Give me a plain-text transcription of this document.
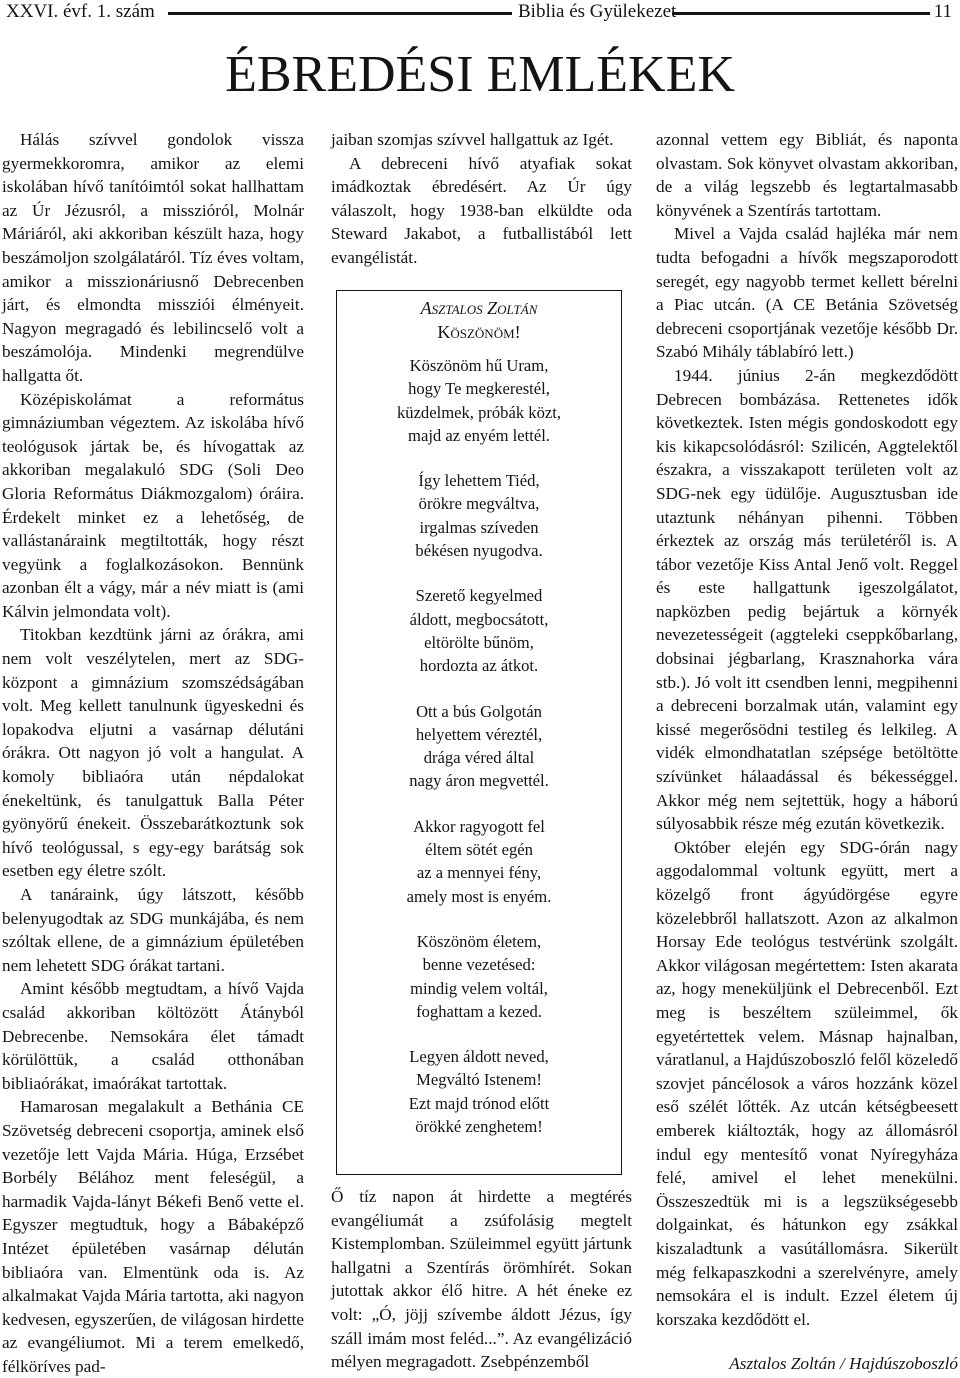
XXVI. évf. 1. szám	Biblia és Gyülekezet	11
ÉBREDÉSI EMLÉKEK

Hálás szívvel gondolok vissza gyermekkoromra, amikor az elemi iskolában hívő tanítóimtól sokat hallhattam az Úr Jézusról, a misszióról, Molnár Máriáról, aki akkoriban készült haza, hogy beszámoljon szolgálatáról. Tíz éves voltam, amikor a misszionáriusnő Debrecenben járt, és elmondta missziói élményeit. Nagyon megragadó és lebilincselő volt a beszámolója. Mindenki megrendülve hallgatta őt.

Középiskolámat a református gimnáziumban végeztem. Az iskolába hívő teológusok jártak be, és hívogattak az akkoriban megalakuló SDG (Soli Deo Gloria Református Diákmozgalom) óráira. Érdekelt minket ez a lehetőség, de vallástanáraink megtiltották, hogy részt vegyünk a foglalkozásokon. Bennünk azonban élt a vágy, már a név miatt is (ami Kálvin jelmondata volt).

Titokban kezdtünk járni az órákra, ami nem volt veszélytelen, mert az SDG-központ a gimnázium szomszédságában volt. Meg kellett tanulnunk ügyeskedni és lopakodva eljutni a vasárnap délutáni órákra. Ott nagyon jó volt a hangulat. A komoly bibliaóra után népdalokat énekeltünk, és tanulgattuk Balla Péter gyönyörű énekeit. Összebarátkoztunk sok hívő teológussal, s egy-egy barátság sok esetben egy életre szólt.

A tanáraink, úgy látszott, később belenyugodtak az SDG munkájába, és nem szóltak ellene, de a gimnázium épületében nem lehetett SDG órákat tartani.

Amint később megtudtam, a hívő Vajda család akkoriban költözött Átányból Debrecenbe. Nemsokára élet támadt körülöttük, a család otthonában bibliaórákat, imaórákat tartottak.

Hamarosan megalakult a Bethánia CE Szövetség debreceni csoportja, aminek első vezetője lett Vajda Mária. Húga, Erzsébet Borbély Bélához ment feleségül, a harmadik Vajda-lányt Békefi Benő vette el. Egyszer megtudtuk, hogy a Bábaképző Intézet épületében vasárnap délután bibliaóra van. Elmentünk oda is. Az alkalmakat Vajda Mária tartotta, aki nagyon kedvesen, egyszerűen, de világosan hirdette az evangéliumot. Mi a terem emelkedő, félköríves pad-

jaiban szomjas szívvel hallgattuk az Igét.

A debreceni hívő atyafiak sokat imádkoztak ébredésért. Az Úr úgy válaszolt, hogy 1938-ban elküldte oda Steward Jakabot, a futballistából lett evangélistát.

Asztalos Zoltán
Köszönöm!
Köszönöm hű Uram,
hogy Te megkerestél,
küzdelmek, próbák közt,
majd az enyém lettél.
Így lehettem Tiéd,
örökre megváltva,
irgalmas szíveden
békésen nyugodva.
Szerető kegyelmed
áldott, megbocsátott,
eltörölte bűnöm,
hordozta az átkot.
Ott a bús Golgotán
helyettem véreztél,
drága véred által
nagy áron megvettél.
Akkor ragyogott fel
éltem sötét egén
az a mennyei fény,
amely most is enyém.
Köszönöm életem,
benne vezetésed:
mindig velem voltál,
foghattam a kezed.
Legyen áldott neved,
Megváltó Istenem!
Ezt majd trónod előtt
örökké zenghetem!

Ő tíz napon át hirdette a megtérés evangéliumát a zsúfolásig megtelt Kistemplomban. Szüleimmel együtt jártunk hallgatni a Szentírás örömhírét. Sokan jutottak akkor élő hitre. A hét éneke ez volt: „Ó, jöjj szívembe áldott Jézus, így száll imám most feléd...”. Az evangélizáció mélyen megragadott. Zsebpénzemből

azonnal vettem egy Bibliát, és naponta olvastam. Sok könyvet olvastam akkoriban, de a világ legszebb és legtartalmasabb könyvének a Szentírás tartottam.

Mivel a Vajda család hajléka már nem tudta befogadni a hívők megszaporodott seregét, egy nagyobb termet kellett bérelni a Piac utcán. (A CE Betánia Szövetség debreceni csoportjának vezetője később Dr. Szabó Mihály táblabíró lett.)

1944. június 2-án megkezdődött Debrecen bombázása. Rettenetes idők következtek. Isten mégis gondoskodott egy kis kikapcsolódásról: Szilicén, Aggtelektől északra, a visszakapott területen volt az SDG-nek egy üdülője. Augusztusban ide utaztunk néhányan pihenni. Többen érkeztek az ország más területéről is. A tábor vezetője Kiss Antal Jenő volt. Reggel és este hallgattunk igeszolgálatot, napközben pedig bejártuk a környék nevezetességeit (aggteleki cseppkőbarlang, dobsinai jégbarlang, Krasznahorka vára stb.). Jó volt itt csendben lenni, megpihenni a debreceni borzalmak után, valamint egy kissé megerősödni testileg és lelkileg. A vidék elmondhatatlan szépsége betöltötte szívünket hálaadással és békességgel. Akkor még nem sejtettük, hogy a háború súlyosabbik része még ezután következik.

Október elején egy SDG-órán nagy aggodalommal voltunk együtt, mert a közelgő front ágyúdörgése egyre közelebbről hallatszott. Azon az alkalmon Horsay Ede teológus testvérünk szolgált. Akkor világosan megértettem: Isten akarata az, hogy meneküljünk el Debrecenből. Ezt meg is beszéltem szüleimmel, ők egyetértettek velem. Másnap hajnalban, váratlanul, a Hajdúszoboszló felől közeledő szovjet páncélosok a város hozzánk közel eső szélét lőtték. Az utcán kétségbeesett emberek kiáltozták, hogy az állomásról indul egy mentesítő vonat Nyíregyháza felé, amivel el lehet menekülni. Összeszedtük mi is a legszükségesebb dolgainkat, és hátunkon egy zsákkal kiszaladtunk a vasútállomásra. Sikerült még felkapaszkodni a szerelvényre, amely nemsokára el is indult. Ezzel életem új korszaka kezdődött el.

Asztalos Zoltán / Hajdúszoboszló
